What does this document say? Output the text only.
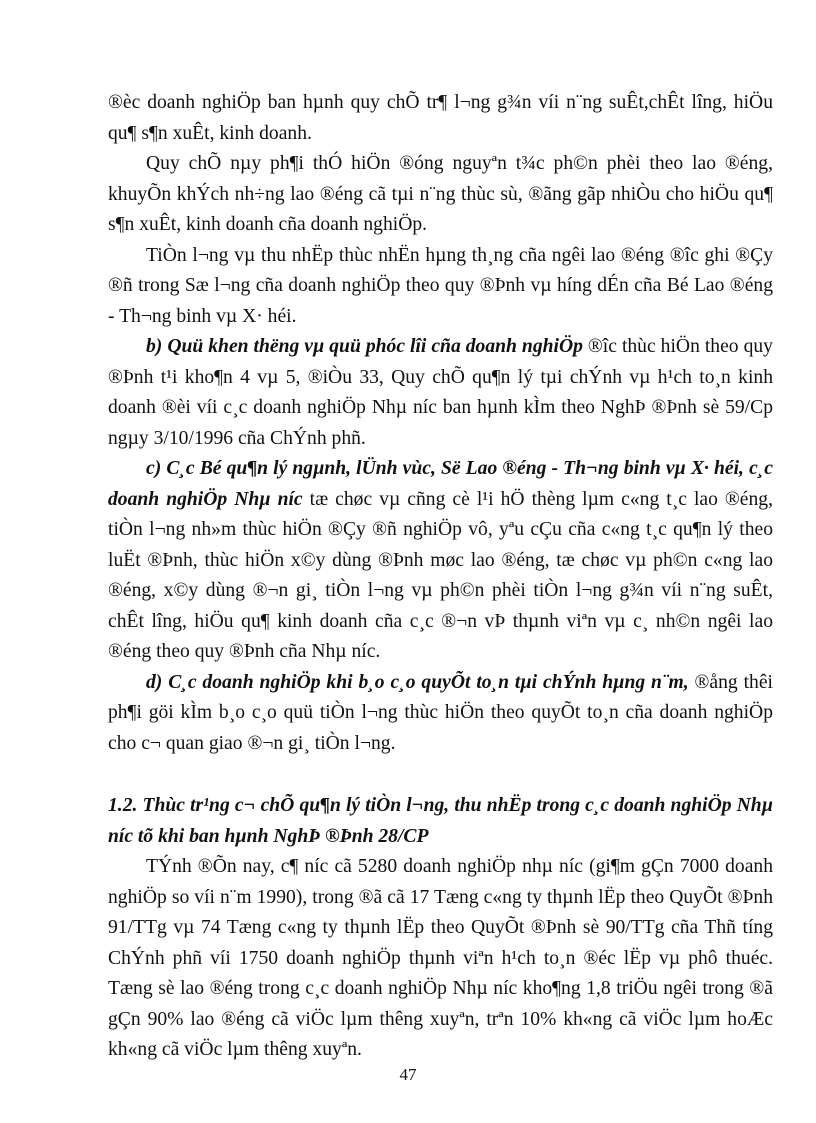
®èc doanh nghiÖp ban hµnh quy chÕ tr¶ l¬ng g¾n víi n¨ng suÊt,chÊt lîng, hiÖu qu¶ s¶n xuÊt, kinh doanh.

Quy chÕ nµy ph¶i thÓ hiÖn ®óng nguyªn t¾c ph©n phèi theo lao ®éng, khuyÕn khÝch nh÷ng lao ®éng cã tµi n¨ng thùc sù, ®ãng gãp nhiÒu cho hiÖu qu¶ s¶n xuÊt, kinh doanh cña doanh nghiÖp.

TiÒn l¬ng vµ thu nhËp thùc nhËn hµng th¸ng cña ngêi lao ®éng ®îc ghi ®Çy ®ñ trong Sæ l¬ng cña doanh nghiÖp theo quy ®Þnh vµ híng dÉn cña Bé Lao ®éng - Th¬ng binh vµ X· héi.

b) Quü khen thëng vµ quü phóc lîi cña doanh nghiÖp ®îc thùc hiÖn theo quy ®Þnh t¹i kho¶n 4 vµ 5, ®iÒu 33, Quy chÕ qu¶n lý tµi chÝnh vµ h¹ch to¸n kinh doanh ®èi víi c¸c doanh nghiÖp Nhµ níc ban hµnh kÌm theo NghÞ ®Þnh sè 59/Cp ngµy 3/10/1996 cña ChÝnh phñ.

c) C¸c Bé qu¶n lý ngµnh, lÜnh vùc, Së Lao ®éng - Th¬ng binh vµ X· héi, c¸c doanh nghiÖp Nhµ níc tæ chøc vµ cñng cè l¹i hÖ thèng lµm c«ng t¸c lao ®éng, tiÒn l¬ng nh»m thùc hiÖn ®Çy ®ñ nghiÖp vô, yªu cÇu cña c«ng t¸c qu¶n lý theo luËt ®Þnh, thùc hiÖn x©y dùng ®Þnh møc lao ®éng, tæ chøc vµ ph©n c«ng lao ®éng, x©y dùng ®¬n gi¸ tiÒn l¬ng vµ ph©n phèi tiÒn l¬ng g¾n víi n¨ng suÊt, chÊt lîng, hiÖu qu¶ kinh doanh cña c¸c ®¬n vÞ thµnh viªn vµ c¸ nh©n ngêi lao ®éng theo quy ®Þnh cña Nhµ níc.

d) C¸c doanh nghiÖp khi b¸o c¸o quyÕt to¸n tµi chÝnh hµng n¨m, ®ång thêi ph¶i göi kÌm b¸o c¸o quü tiÒn l¬ng thùc hiÖn theo quyÕt to¸n cña doanh nghiÖp cho c¬ quan giao ®¬n gi¸ tiÒn l¬ng.

1.2. Thùc tr¹ng c¬ chÕ qu¶n lý tiÒn l¬ng, thu nhËp trong c¸c doanh nghiÖp Nhµ níc tõ khi ban hµnh NghÞ ®Þnh 28/CP

TÝnh ®Õn nay, c¶ níc cã 5280 doanh nghiÖp nhµ níc (gi¶m gÇn 7000 doanh nghiÖp so víi n¨m 1990), trong ®ã cã 17 Tæng c«ng ty thµnh lËp theo QuyÕt ®Þnh 91/TTg vµ 74 Tæng c«ng ty thµnh lËp theo QuyÕt ®Þnh sè 90/TTg cña Thñ tíng ChÝnh phñ víi 1750 doanh nghiÖp thµnh viªn h¹ch to¸n ®éc lËp vµ phô thuéc. Tæng sè lao ®éng trong c¸c doanh nghiÖp Nhµ níc kho¶ng 1,8 triÖu ngêi trong ®ã gÇn 90% lao ®éng cã viÖc lµm thêng xuyªn, trªn 10% kh«ng cã viÖc lµm hoÆc kh«ng cã viÖc lµm thêng xuyªn.

47
